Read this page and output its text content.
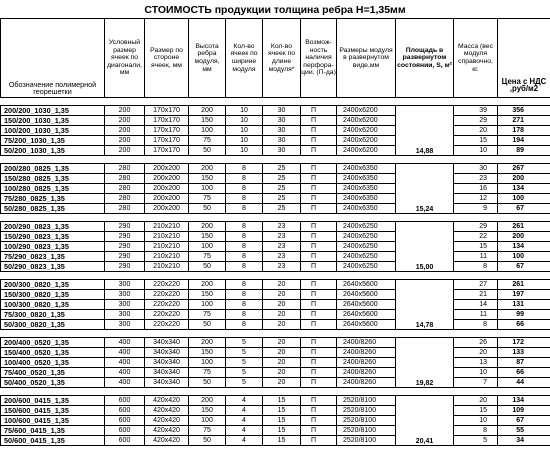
СТОИМОСТЬ продукции толщина ребра Н=1,35мм
Обозначение полимерной георешетки	Условный размер ячеек по диагонали, мм	Размер по стороне ячеек, мм	Высота ребра модуля, мм	Кол-во ячеек по ширине модуля	Кол-во ячеек по длине модуля*	Возмож-ность наличия перфора-ции. (П-да)	Размеры модуля в развернутом виде,мм	Площадь в развернутом состоянии, S, м²	Масса (вес модуля справочно, кг.	Цена с НДС ,руб/м2

200/200_1030_1,35	200	170х170	200	10	30	П	2400х6200	14,88	39	356
150/200_1030_1,35	200	170х170	150	10	30	П	2400х6200		29	271
100/200_1030_1,35	200	170х170	100	10	30	П	2400х6200		20	178
75/200_1030_1,35	200	170х170	75	10	30	П	2400х6200		15	194
50/200_1030_1,35	200	170х170	50	10	30	П	2400х6200		10	89

200/280_0825_1,35	280	200х200	200	8	25	П	2400х6350	15,24	30	267
150/280_0825_1,35	280	200х200	150	8	25	П	2400х6350		23	200
100/280_0825_1,35	280	200х200	100	8	25	П	2400х6350		16	134
75/280_0825_1,35	280	200х200	75	8	25	П	2400х6350		12	100
50/280_0825_1,35	280	200х200	50	8	25	П	2400х6350		9	67

200/290_0823_1,35	290	210х210	200	8	23	П	2400х6250	15,00	29	261
150/290_0823_1,35	290	210х210	150	8	23	П	2400х6250		22	200
100/290_0823_1,35	290	210х210	100	8	23	П	2400х6250		15	134
75/290_0823_1,35	290	210х210	75	8	23	П	2400х6250		11	100
50/290_0823_1,35	290	210х210	50	8	23	П	2400х6250		8	67

200/300_0820_1,35	300	220х220	200	8	20	П	2640х5600	14,78	27	261
150/300_0820_1,35	300	220х220	150	8	20	П	2640х5600		21	197
100/300_0820_1,35	300	220х220	100	8	20	П	2640х5600		14	131
75/300_0820_1,35	300	220х220	75	8	20	П	2640х5600		11	99
50/300_0820_1,35	300	220х220	50	8	20	П	2640х5600		8	66

200/400_0520_1,35	400	340х340	200	5	20	П	2400/8260	19,82	26	172
150/400_0520_1,35	400	340х340	150	5	20	П	2400/8260		20	133
100/400_0520_1,35	400	340х340	100	5	20	П	2400/8260		13	87
75/400_0520_1,35	400	340х340	75	5	20	П	2400/8260		10	66
50/400_0520_1,35	400	340х340	50	5	20	П	2400/8260		7	44

200/600_0415_1,35	600	420х420	200	4	15	П	2520/8100	20,41	20	134
150/600_0415_1,35	600	420х420	150	4	15	П	2520/8100		15	109
100/600_0415_1,35	600	420х420	100	4	15	П	2520/8100		10	67
75/600_0415_1,35	600	420х420	75	4	15	П	2520/8100		8	55
50/600_0415_1,35	600	420х420	50	4	15	П	2520/8100		5	34
